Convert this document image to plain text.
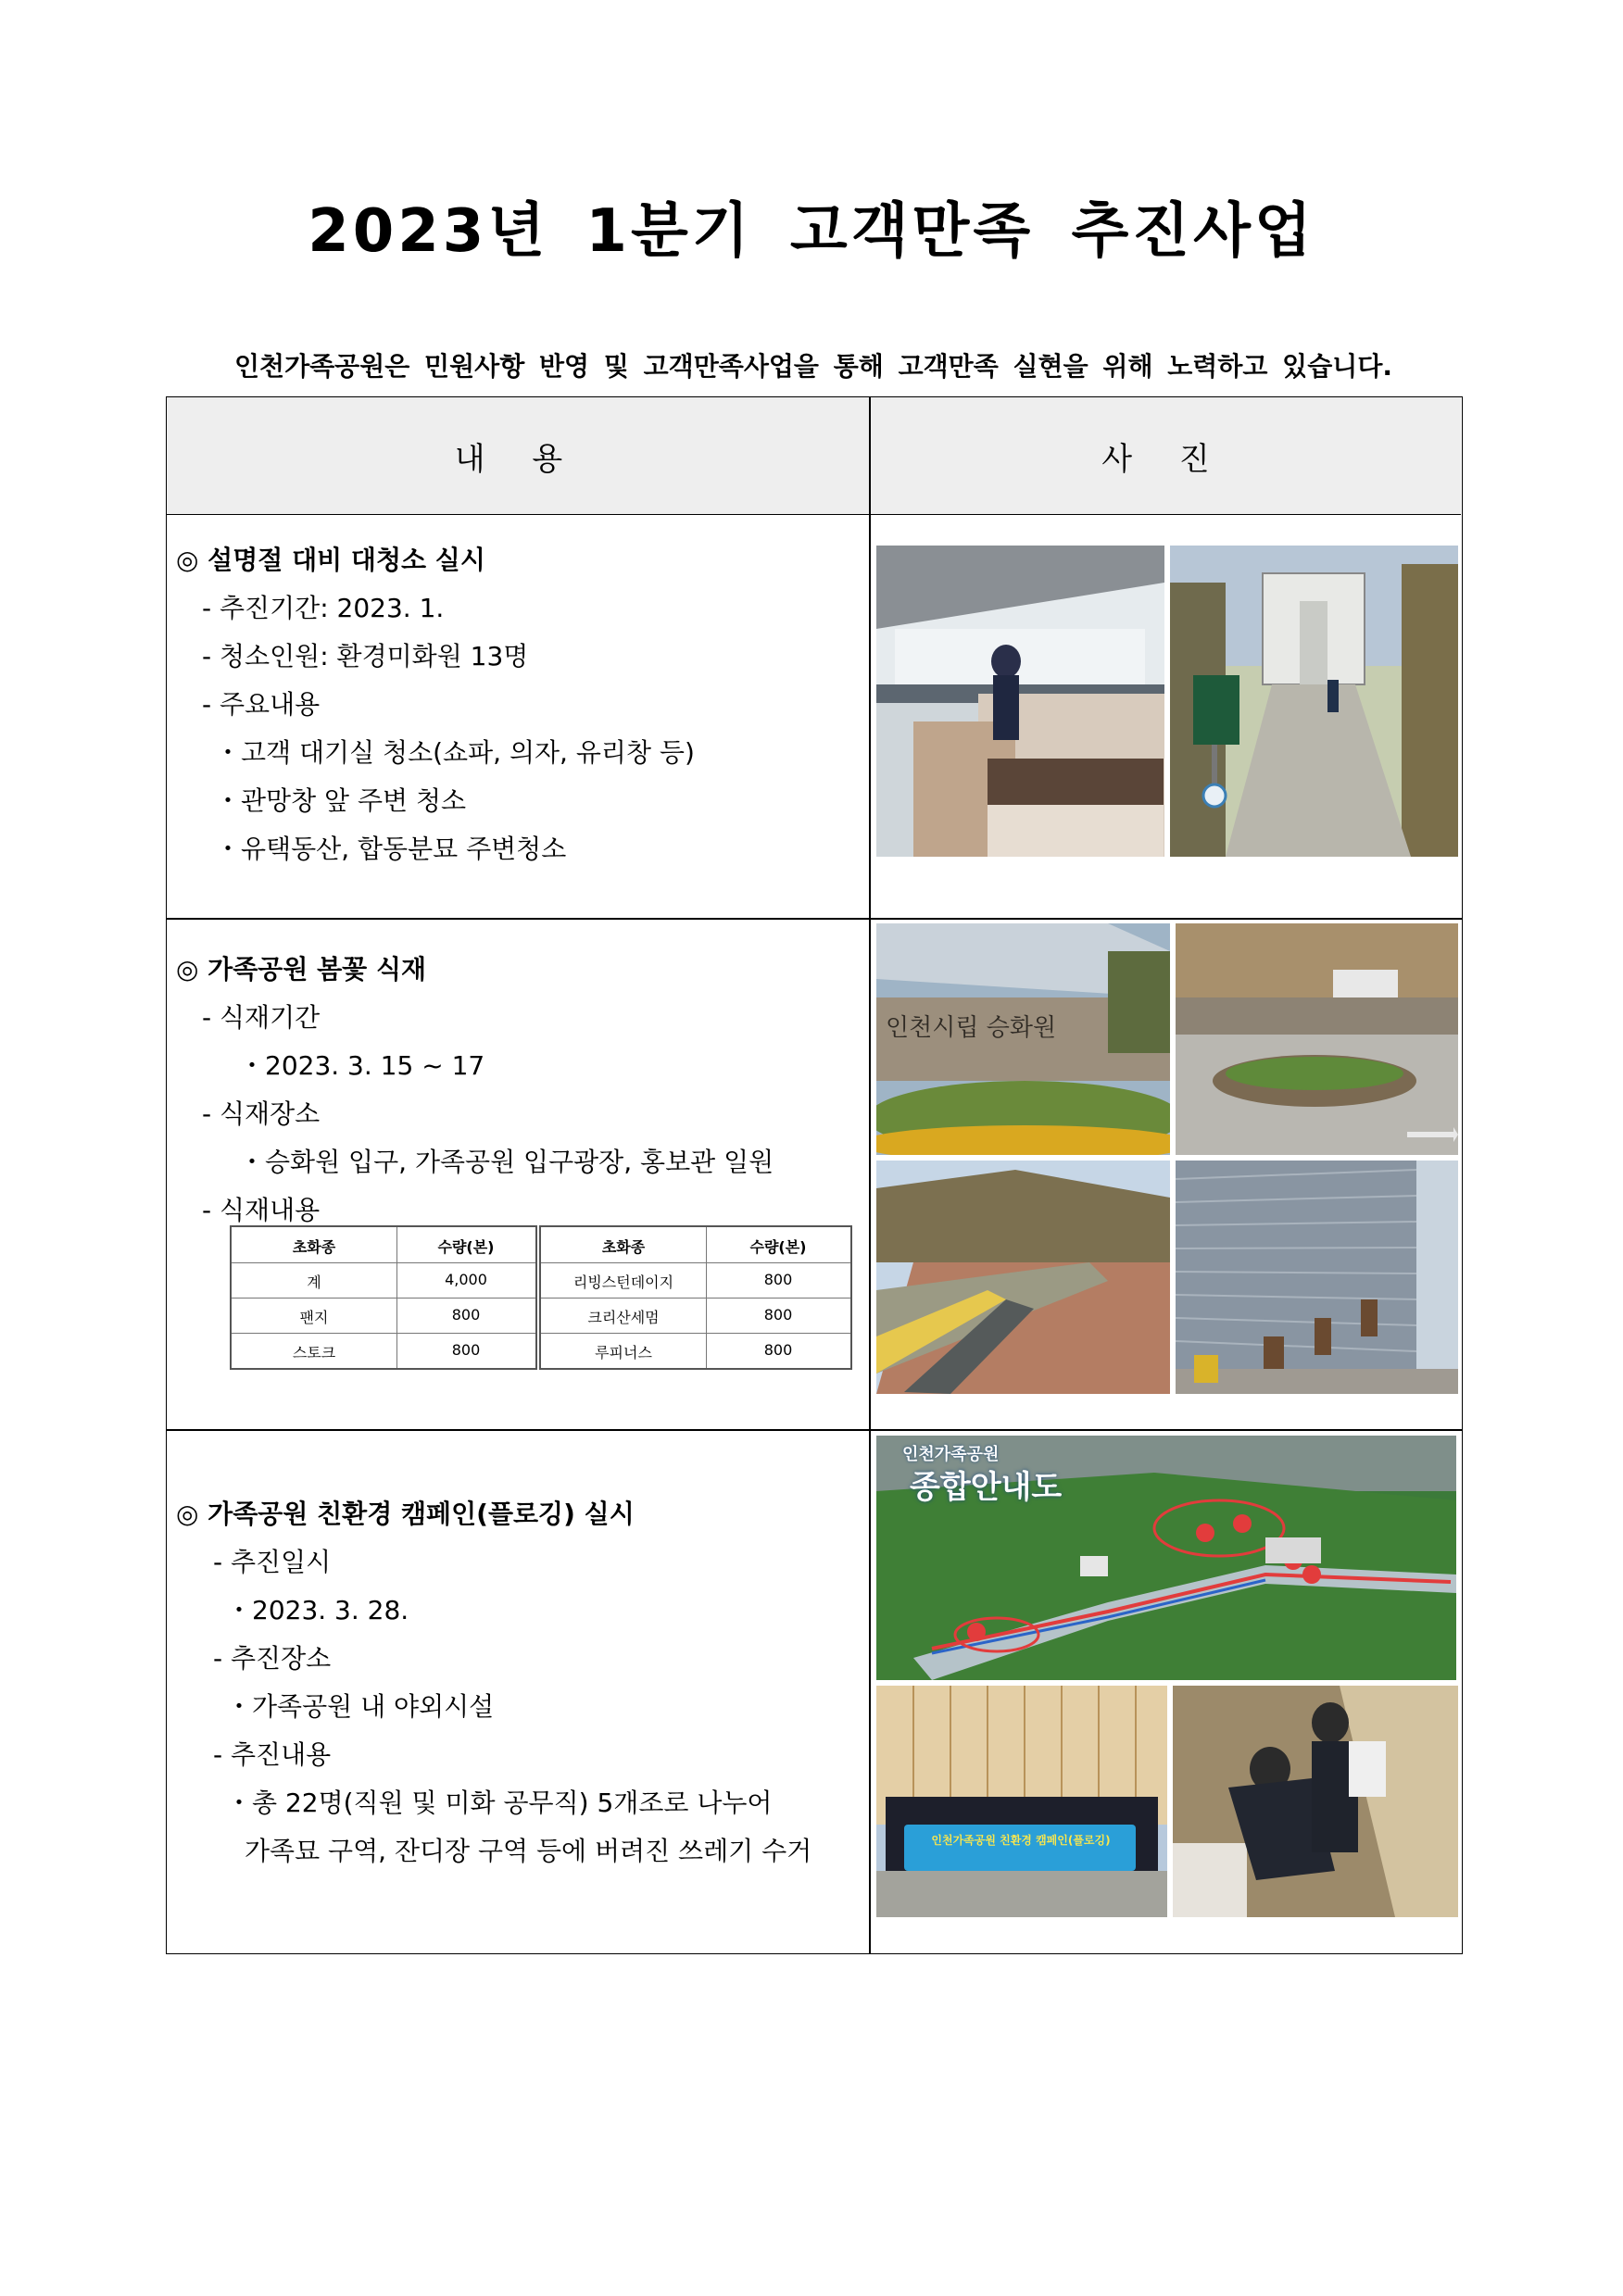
2023년 1분기 고객만족 추진사업
인천가족공원은 민원사항 반영 및 고객만족사업을 통해 고객만족 실현을 위해 노력하고 있습니다.
내 용	사 진
◎ 설명절 대비 대청소 실시
- 추진기간: 2023. 1.
- 청소인원: 환경미화원 13명
- 주요내용
・고객 대기실 청소(쇼파, 의자, 유리창 등)
・관망창 앞 주변 청소
・유택동산, 합동분묘 주변청소
◎ 가족공원 봄꽃 식재
- 식재기간
・2023. 3. 15 ~ 17
- 식재장소
・승화원 입구, 가족공원 입구광장, 홍보관 일원
- 식재내용
◎ 가족공원 친환경 캠페인(플로깅) 실시
- 추진일시
・2023. 3. 28.
- 추진장소
・가족공원 내 야외시설
- 추진내용
・총 22명(직원 및 미화 공무직) 5개조로 나누어
가족묘 구역, 잔디장 구역 등에 버려진 쓰레기 수거
초화종	수량(본)
계	4,000
팬지	800
스토크	800
초화종	수량(본)
리빙스턴데이지	800
크리산세멈	800
루피너스	800
인천시립 승화원
인천가족공원
종합안내도
인천가족공원 친환경 캠페인(플로깅)
